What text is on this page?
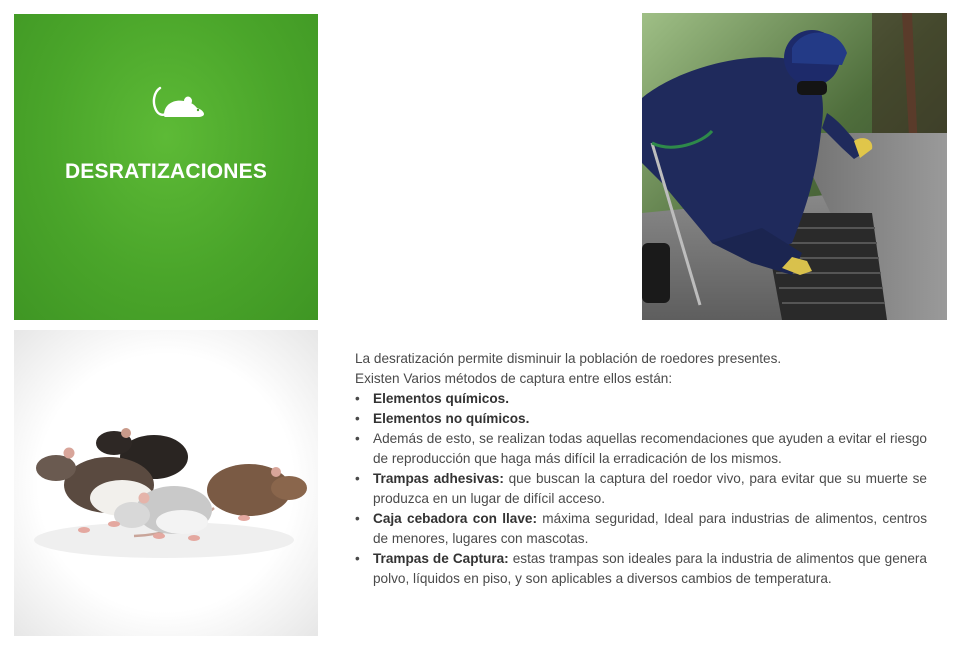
DESRATIZACIONES

La desratización permite disminuir la población de roedores presentes.

Existen Varios métodos de captura entre ellos están:

• Elementos químicos.
• Elementos no químicos.
• Además de esto, se realizan todas aquellas recomendaciones que ayuden a evitar el riesgo de reproducción que haga más difícil la erradicación de los mismos.
• Trampas adhesivas: que buscan la captura del roedor vivo, para evitar que su muerte se produzca en un lugar de difícil acceso.
• Caja cebadora con llave: máxima seguridad, Ideal para industrias de alimentos, centros de menores, lugares con mascotas.
• Trampas de Captura: estas trampas son ideales para la industria de alimentos que genera polvo, líquidos en piso, y son aplicables a diversos cambios de temperatura.
